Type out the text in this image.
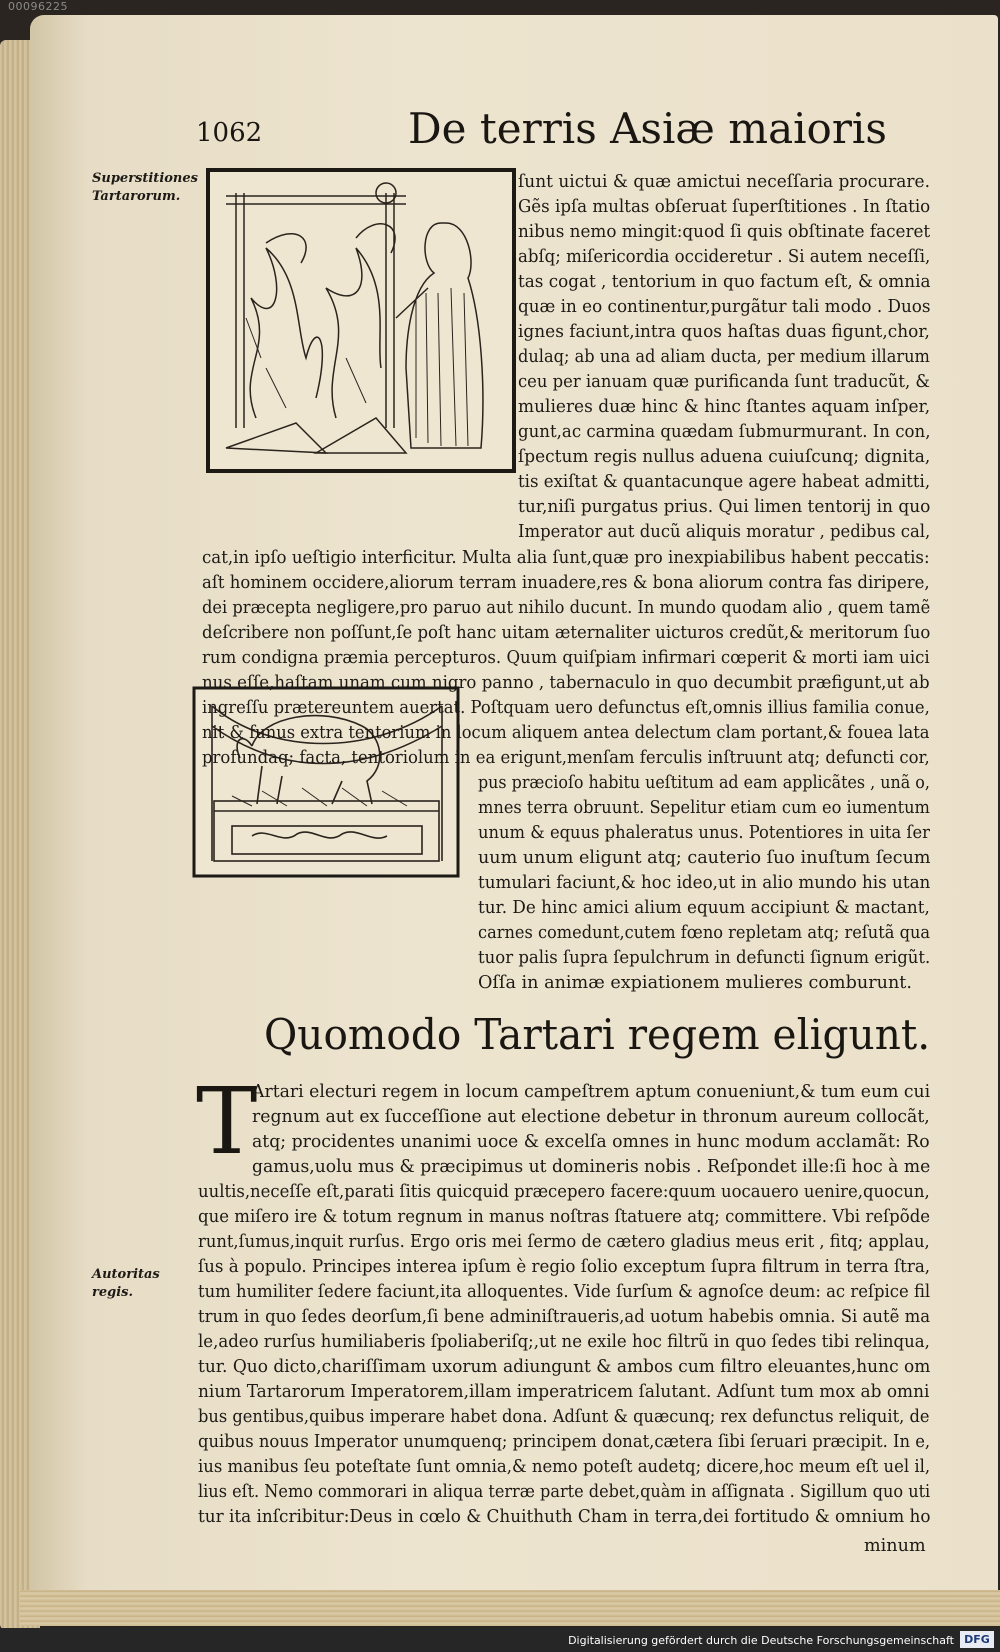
00096225
1062	De terris Asiæ maioris
Superstitiones
Tartarorum.
Autoritas
regis.
ſunt uictui & quæ amictui neceſſaria procurare.
Gẽs ipſa multas obſeruat ſuperſtitiones . In ſtatio
nibus nemo mingit:quod ſi quis obſtinate faceret
abſq; miſericordia occideretur . Si autem neceſſi,
tas cogat , tentorium in quo factum eſt, & omnia
quæ in eo continentur,purgãtur tali modo . Duos
ignes faciunt,intra quos haſtas duas figunt,chor,
dulaq; ab una ad aliam ducta, per medium illarum
ceu per ianuam quæ purificanda ſunt traducũt, &
mulieres duæ hinc & hinc ſtantes aquam inſper,
gunt,ac carmina quædam ſubmurmurant. In con,
ſpectum regis nullus aduena cuiuſcunq; dignita,
tis exiſtat & quantacunque agere habeat admitti,
tur,niſi purgatus prius. Qui limen tentorij in quo
Imperator aut ducũ aliquis moratur , pedibus cal,
cat,in ipſo ueſtigio interficitur. Multa alia ſunt,quæ pro inexpiabilibus habent peccatis:
aſt hominem occidere,aliorum terram inuadere,res & bona aliorum contra fas diripere,
dei præcepta negligere,pro paruo aut nihilo ducunt. In mundo quodam alio , quem tamẽ
deſcribere non poſſunt,ſe poſt hanc uitam æternaliter uicturos credũt,& meritorum ſuo
rum condigna præmia percepturos. Quum quiſpiam infirmari cœperit & morti iam uici
nus eſſe,haſtam unam cum nigro panno , tabernaculo in quo decumbit præfigunt,ut ab
ingreſſu prætereuntem auertat. Poſtquam uero defunctus eſt,omnis illius familia conue,
nit & funus extra tentorium in locum aliquem antea delectum clam portant,& fouea lata
profundaq; facta, tentoriolum in ea erigunt,menſam ferculis inſtruunt atq; defuncti cor,
pus præcioſo habitu ueſtitum ad eam applicãtes , unã o,
mnes terra obruunt. Sepelitur etiam cum eo iumentum
unum & equus phaleratus unus. Potentiores in uita ſer
uum unum eligunt atq; cauterio ſuo inuſtum ſecum
tumulari faciunt,& hoc ideo,ut in alio mundo his utan
tur. De hinc amici alium equum accipiunt & mactant,
carnes comedunt,cutem fœno repletam atq; reſutã qua
tuor palis ſupra ſepulchrum in defuncti ſignum erigũt.
Oſſa in animæ expiationem mulieres comburunt.
Quomodo Tartari regem eligunt.
T
Artari electuri regem in locum campeſtrem aptum conueniunt,& tum eum cui
regnum aut ex ſucceſſione aut electione debetur in thronum aureum collocãt,
atq; procidentes unanimi uoce & excelſa omnes in hunc modum acclamãt: Ro
gamus,uolu mus & præcipimus ut domineris nobis . Reſpondet ille:ſi hoc à me
uultis,neceſſe eſt,parati ſitis quicquid præcepero facere:quum uocauero uenire,quocun,
que miſero ire & totum regnum in manus noſtras ſtatuere atq; committere. Vbi reſpõde
runt,ſumus,inquit rurſus. Ergo oris mei ſermo de cætero gladius meus erit , fitq; applau,
ſus à populo. Principes interea ipſum è regio ſolio exceptum ſupra filtrum in terra ſtra,
tum humiliter ſedere faciunt,ita alloquentes. Vide ſurſum & agnoſce deum: ac reſpice fil
trum in quo ſedes deorſum,ſi bene adminiſtraueris,ad uotum habebis omnia. Si autẽ ma
le,adeo rurſus humiliaberis ſpoliaberiſq;,ut ne exile hoc filtrũ in quo ſedes tibi relinqua,
tur. Quo dicto,chariſſimam uxorum adiungunt & ambos cum filtro eleuantes,hunc om
nium Tartarorum Imperatorem,illam imperatricem ſalutant. Adſunt tum mox ab omni
bus gentibus,quibus imperare habet dona. Adſunt & quæcunq; rex defunctus reliquit, de
quibus nouus Imperator unumquenq; principem donat,cætera ſibi ſeruari præcipit. In e,
ius manibus ſeu poteſtate ſunt omnia,& nemo poteſt audetq; dicere,hoc meum eſt uel il,
lius eſt. Nemo commorari in aliqua terræ parte debet,quàm in aſſignata . Sigillum quo uti
tur ita inſcribitur:Deus in cœlo & Chuithuth Cham in terra,dei fortitudo & omnium ho
minum
Digitalisierung gefördert durch die Deutsche Forschungsgemeinschaft DFG
